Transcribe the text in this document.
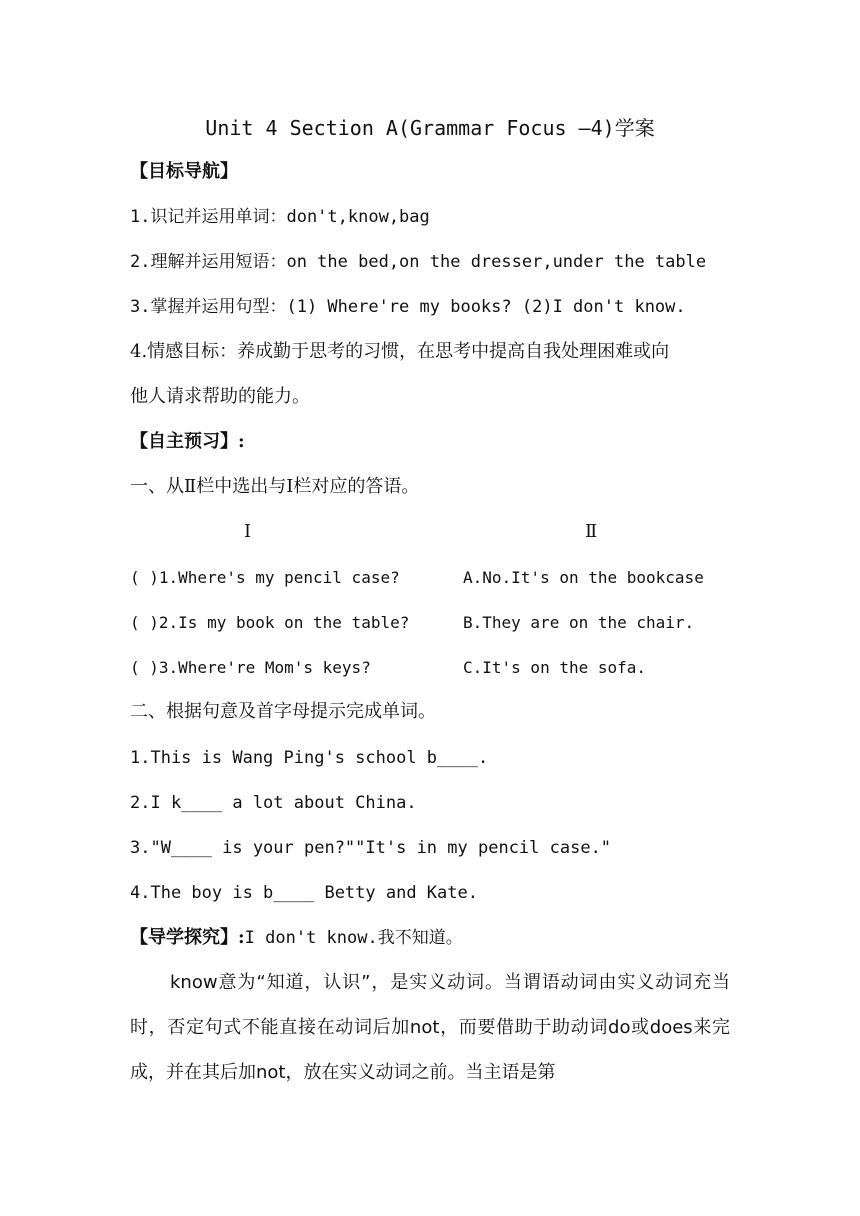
Unit 4 Section A(Grammar Focus —4)学案
【目标导航】
1.识记并运用单词：don't,know,bag
2.理解并运用短语：on the bed,on the dresser,under the table
3.掌握并运用句型：(1) Where're my books? (2)I don't know.
4.情感目标：养成勤于思考的习惯，在思考中提高自我处理困难或向
他人请求帮助的能力。
【自主预习】:
一、从Ⅱ栏中选出与Ⅰ栏对应的答语。
Ⅰ	Ⅱ
( )1.Where's my pencil case?	A.No.It's on the bookcase
( )2.Is my book on the table?	B.They are on the chair.
( )3.Where're Mom's keys?	C.It's on the sofa.
二、根据句意及首字母提示完成单词。
1.This is Wang Ping's school b____.
2.I k____ a lot about China.
3."W____ is your pen?""It's in my pencil case."
4.The boy is b____ Betty and Kate.
【导学探究】:I don't know.我不知道。
know意为“知道，认识”，是实义动词。当谓语动词由实义动词充当时，否定句式不能直接在动词后加not，而要借助于助动词do或does来完成，并在其后加not，放在实义动词之前。当主语是第
